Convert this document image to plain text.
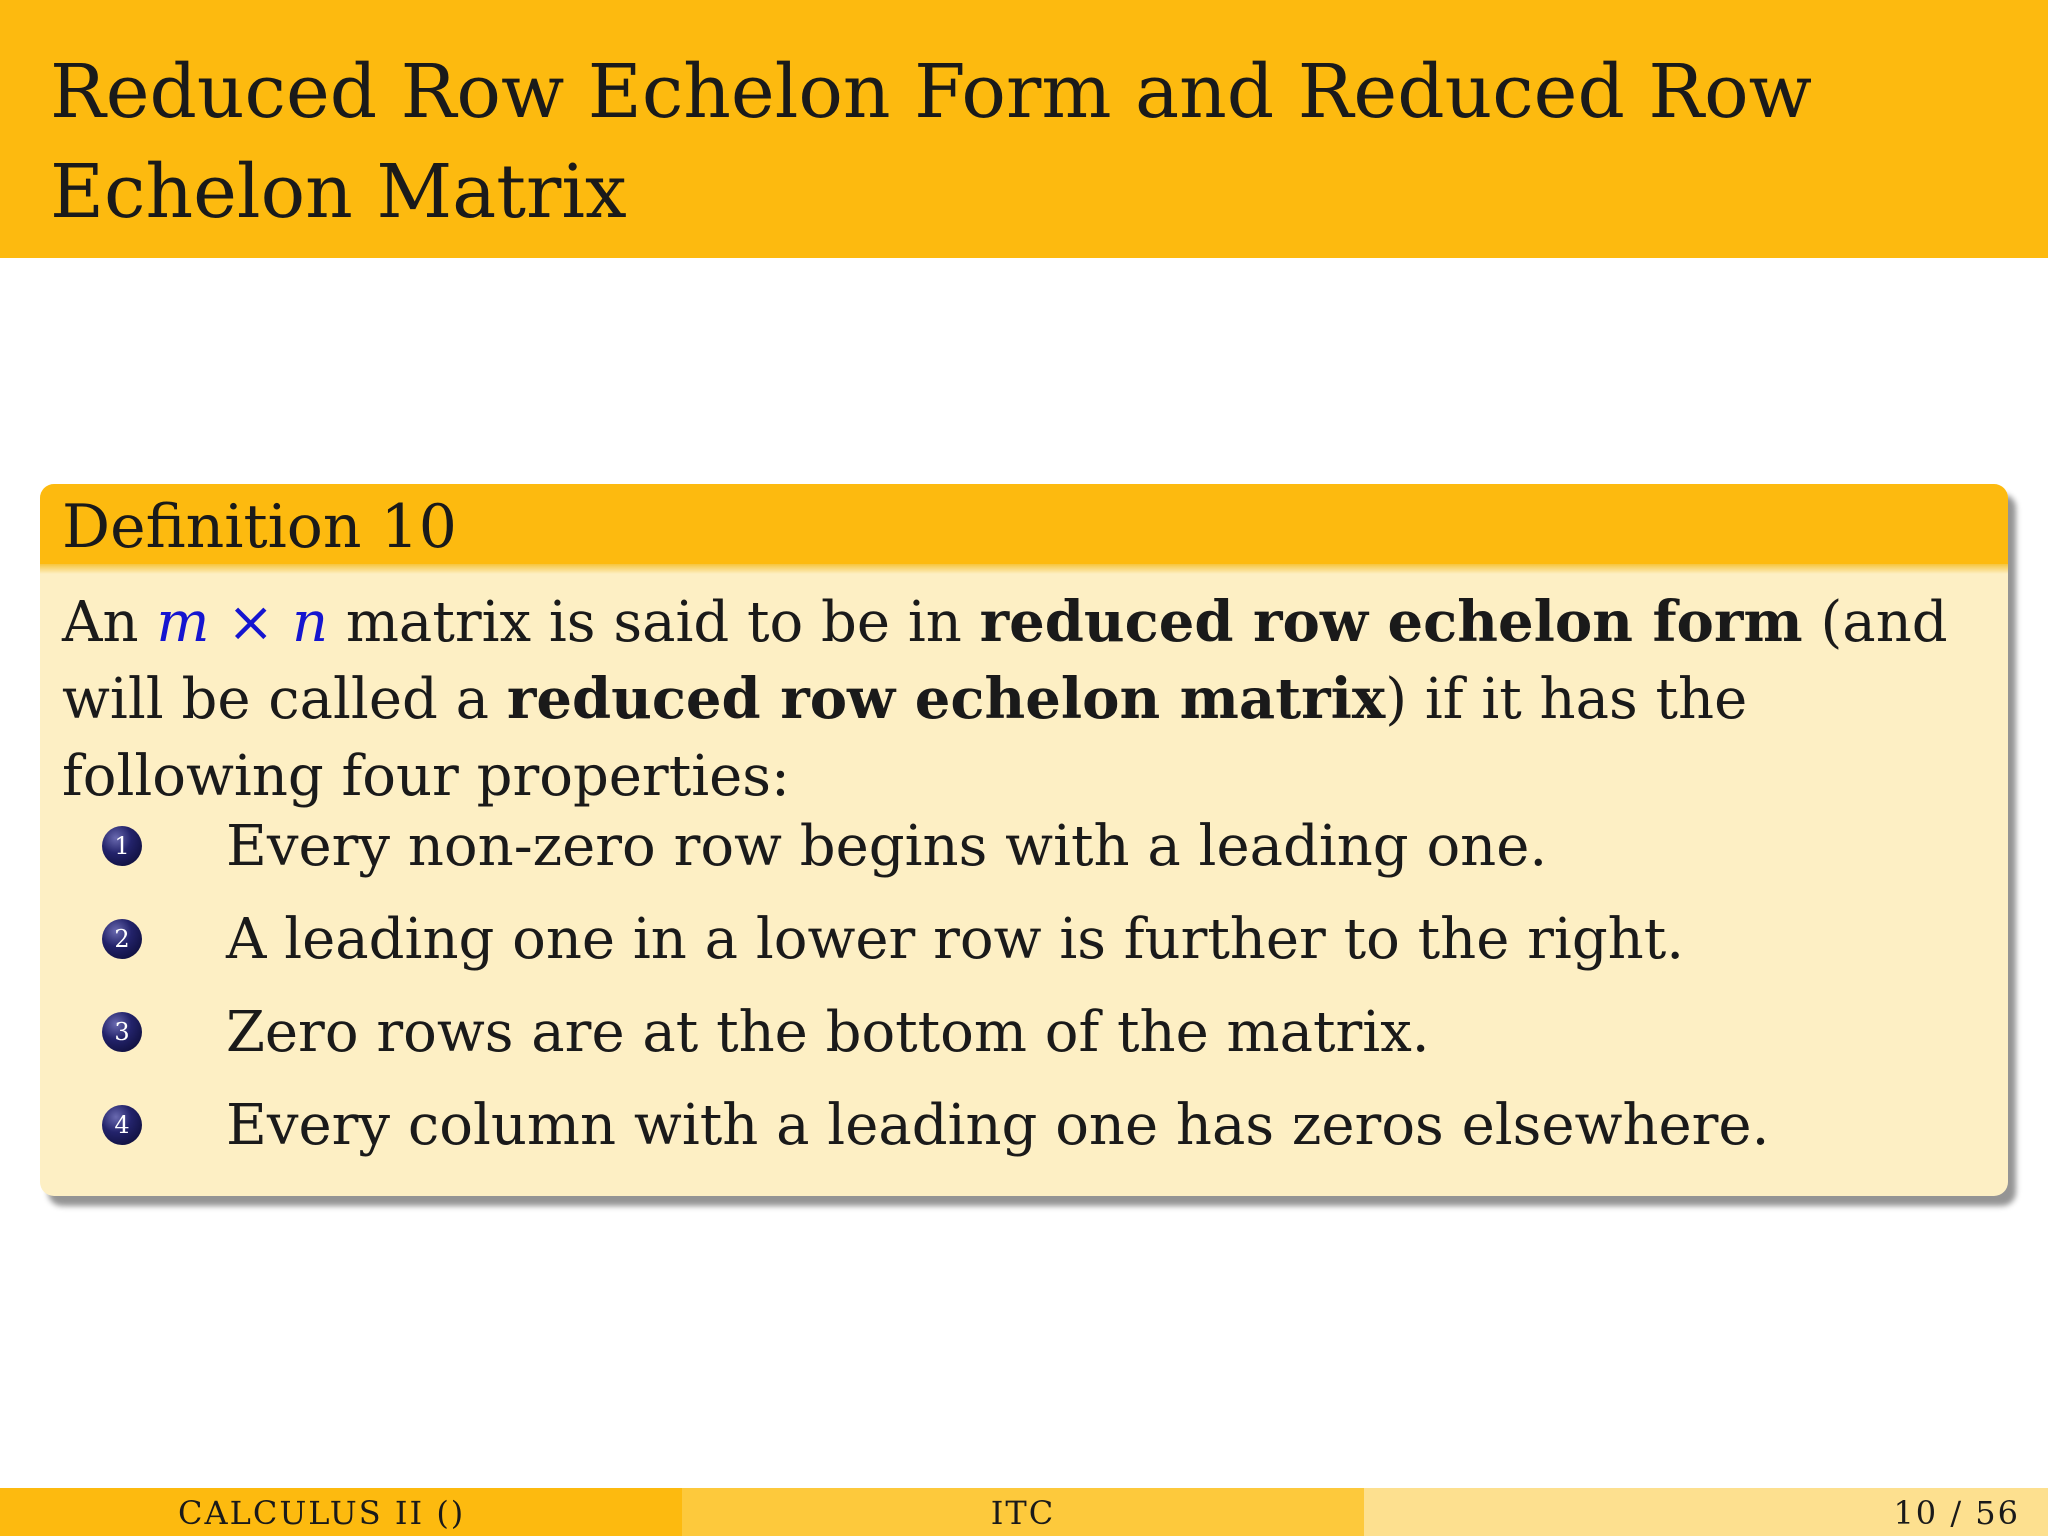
Reduced Row Echelon Form and Reduced Row Echelon Matrix
Definition 10
An m × n matrix is said to be in reduced row echelon form (and will be called a reduced row echelon matrix) if it has the following four properties:
1 Every non-zero row begins with a leading one.
2 A leading one in a lower row is further to the right.
3 Zero rows are at the bottom of the matrix.
4 Every column with a leading one has zeros elsewhere.
CALCULUS II ()	ITC	10 / 56
